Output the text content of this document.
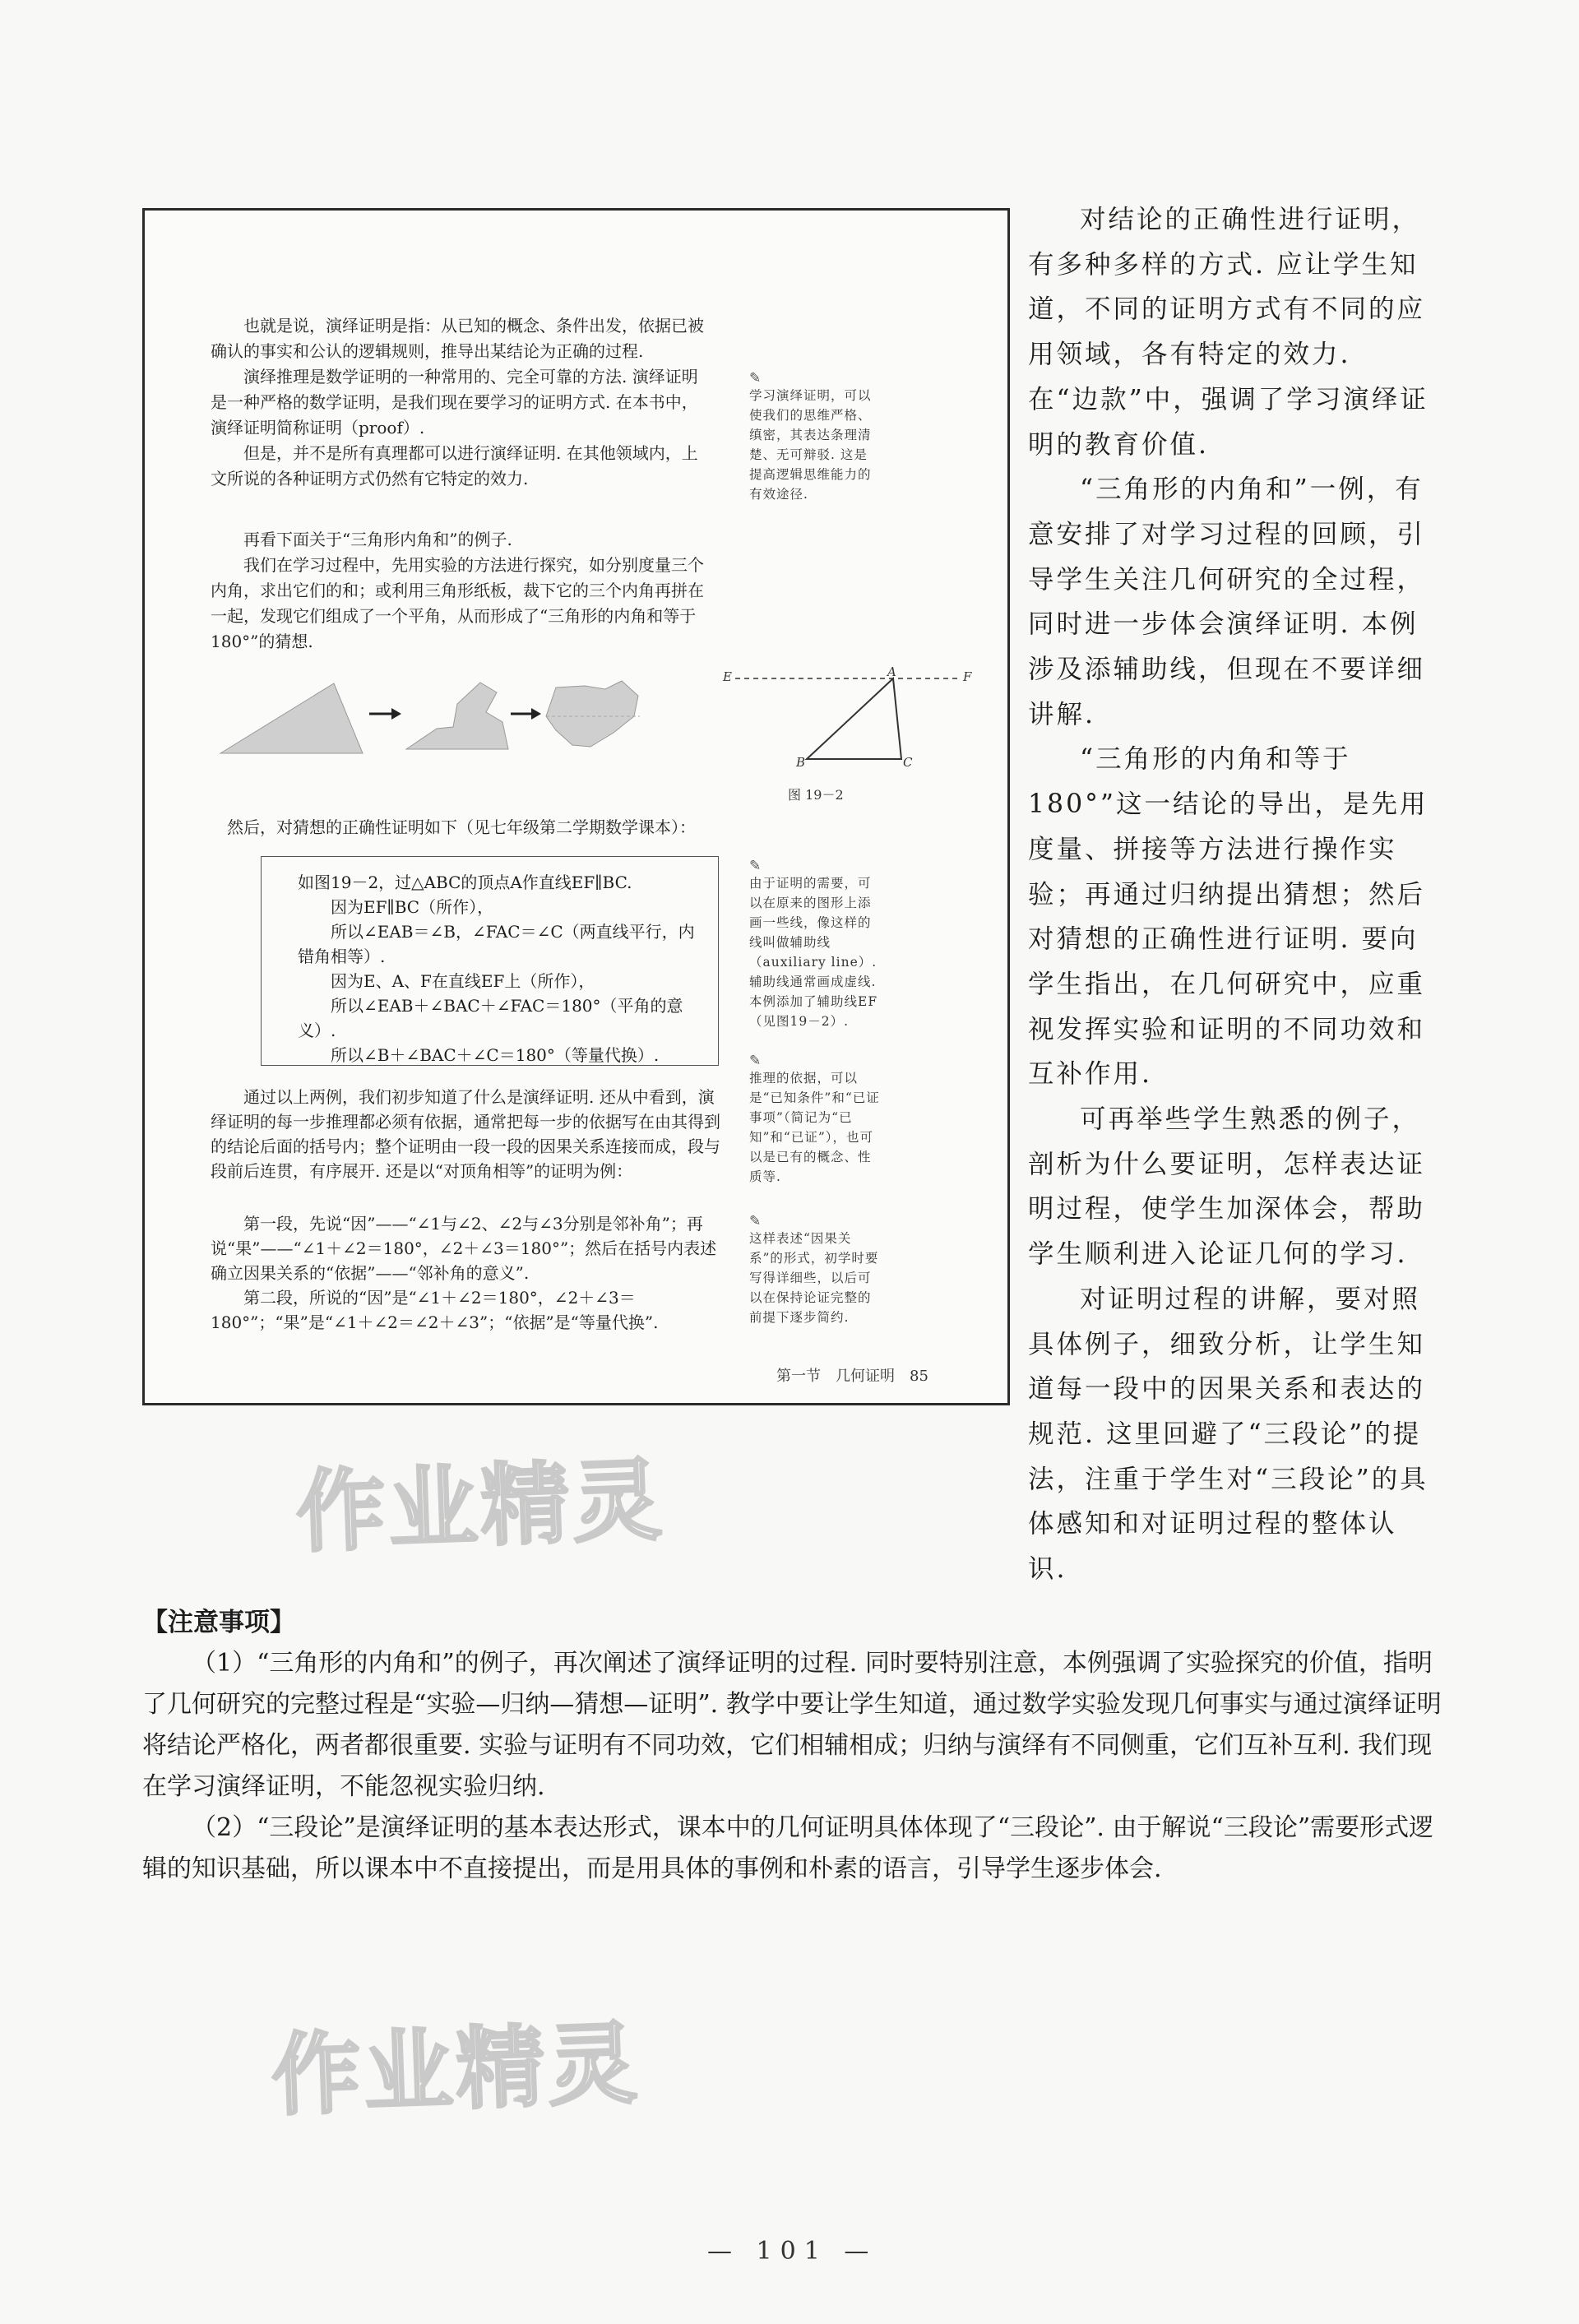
也就是说，演绎证明是指：从已知的概念、条件出发，依据已被确认的事实和公认的逻辑规则，推导出某结论为正确的过程.

演绎推理是数学证明的一种常用的、完全可靠的方法. 演绎证明是一种严格的数学证明，是我们现在要学习的证明方式. 在本书中，演绎证明简称证明（proof）.

但是，并不是所有真理都可以进行演绎证明. 在其他领域内，上文所说的各种证明方式仍然有它特定的效力.

再看下面关于“三角形内角和”的例子.

我们在学习过程中，先用实验的方法进行探究，如分别度量三个内角，求出它们的和；或利用三角形纸板，裁下它的三个内角再拼在一起，发现它们组成了一个平角，从而形成了“三角形的内角和等于180°”的猜想.

✎
学习演绎证明，可以使我们的思维严格、缜密，其表达条理清楚、无可辩驳. 这是提高逻辑思维能力的有效途径.
E	A	F
B	C
图 19－2

然后，对猜想的正确性证明如下（见七年级第二学期数学课本）：

如图19－2，过△ABC的顶点A作直线EF∥BC.

因为EF∥BC（所作），

所以∠EAB＝∠B，∠FAC＝∠C（两直线平行，内错角相等）.

因为E、A、F在直线EF上（所作），

所以∠EAB＋∠BAC＋∠FAC＝180°（平角的意义）.

所以∠B＋∠BAC＋∠C＝180°（等量代换）.

✎
由于证明的需要，可以在原来的图形上添画一些线，像这样的线叫做辅助线（auxiliary line）. 辅助线通常画成虚线. 本例添加了辅助线EF（见图19－2）.

通过以上两例，我们初步知道了什么是演绎证明. 还从中看到，演绎证明的每一步推理都必须有依据，通常把每一步的依据写在由其得到的结论后面的括号内；整个证明由一段一段的因果关系连接而成，段与段前后连贯，有序展开. 还是以“对顶角相等”的证明为例：

第一段，先说“因”——“∠1与∠2、∠2与∠3分别是邻补角”；再说“果”——“∠1＋∠2＝180°，∠2＋∠3＝180°”；然后在括号内表述确立因果关系的“依据”——“邻补角的意义”.

第二段，所说的“因”是“∠1＋∠2＝180°，∠2＋∠3＝180°”；“果”是“∠1＋∠2＝∠2＋∠3”；“依据”是“等量代换”.

✎
推理的依据，可以是“已知条件”和“已证事项”（简记为“已知”和“已证”），也可以是已有的概念、性质等.
✎
这样表述“因果关系”的形式，初学时要写得详细些，以后可以在保持论证完整的前提下逐步简约.
第一节　几何证明　85

对结论的正确性进行证明，有多种多样的方式. 应让学生知道，不同的证明方式有不同的应用领域，各有特定的效力. 在“边款”中，强调了学习演绎证明的教育价值.

“三角形的内角和”一例，有意安排了对学习过程的回顾，引导学生关注几何研究的全过程，同时进一步体会演绎证明. 本例涉及添辅助线，但现在不要详细讲解.

“三角形的内角和等于180°”这一结论的导出，是先用度量、拼接等方法进行操作实验；再通过归纳提出猜想；然后对猜想的正确性进行证明. 要向学生指出，在几何研究中，应重视发挥实验和证明的不同功效和互补作用.

可再举些学生熟悉的例子，剖析为什么要证明，怎样表达证明过程，使学生加深体会，帮助学生顺利进入论证几何的学习.

对证明过程的讲解，要对照具体例子，细致分析，让学生知道每一段中的因果关系和表达的规范. 这里回避了“三段论”的提法，注重于学生对“三段论”的具体感知和对证明过程的整体认识.

作业精灵

【注意事项】

（1）“三角形的内角和”的例子，再次阐述了演绎证明的过程. 同时要特别注意，本例强调了实验探究的价值，指明了几何研究的完整过程是“实验—归纳—猜想—证明”. 教学中要让学生知道，通过数学实验发现几何事实与通过演绎证明将结论严格化，两者都很重要. 实验与证明有不同功效，它们相辅相成；归纳与演绎有不同侧重，它们互补互利. 我们现在学习演绎证明，不能忽视实验归纳.

（2）“三段论”是演绎证明的基本表达形式，课本中的几何证明具体体现了“三段论”. 由于解说“三段论”需要形式逻辑的知识基础，所以课本中不直接提出，而是用具体的事例和朴素的语言，引导学生逐步体会.

作业精灵
— 101 —
